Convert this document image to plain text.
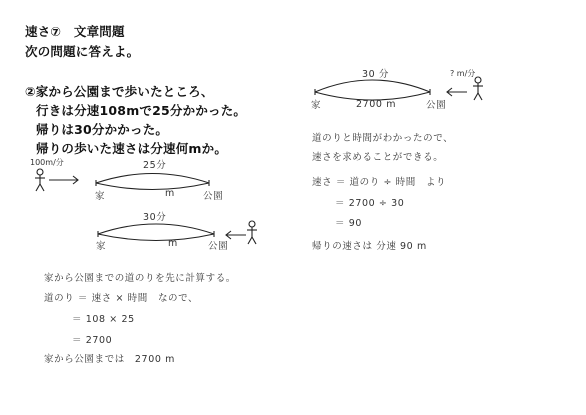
速さ⑦　文章問題
次の問題に答えよ。
②家から公園まで歩いたところ、
行きは分速108mで25分かかった。
帰りは30分かかった。
帰りの歩いた速さは分速何mか。
100m/分	25分
家	m	公園
30分
家	m	公園
家から公園までの道のりを先に計算する。
道のり ＝ 速さ × 時間　なので、
＝ 108 × 25
＝ 2700
家から公園までは　2700 m
30 分	? m/分
家	2700 m	公園
道のりと時間がわかったので、
速さを求めることができる。
速さ ＝ 道のり ÷ 時間　より
＝ 2700 ÷ 30
＝ 90
帰りの速さは 分速 90 m
